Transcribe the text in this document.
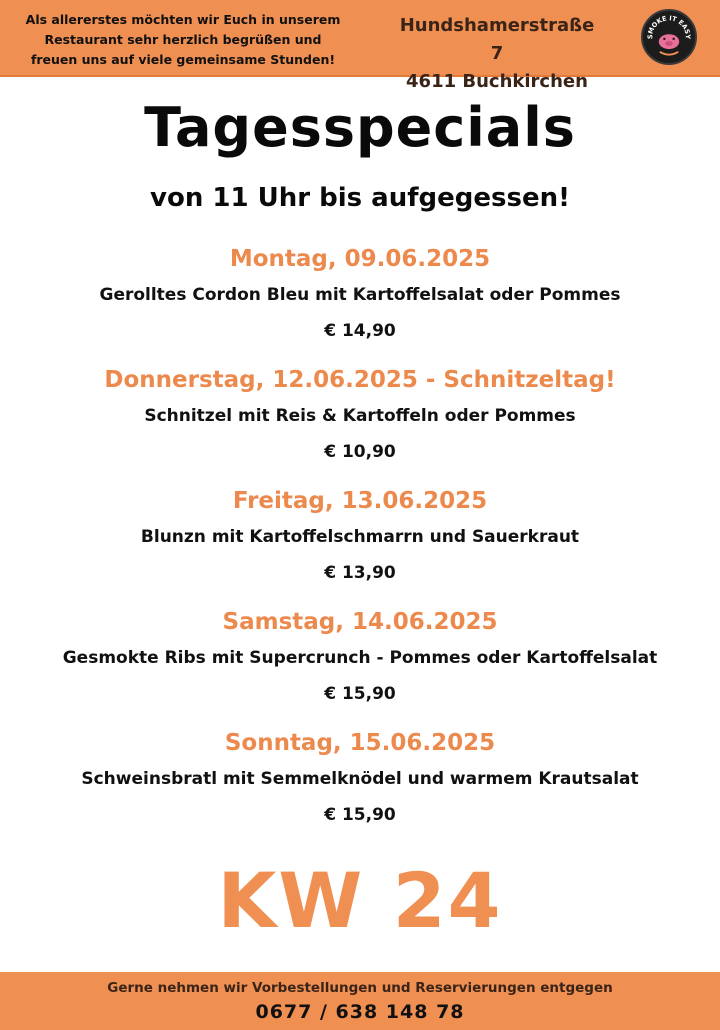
Als allererstes möchten wir Euch in unserem
Restaurant sehr herzlich begrüßen und
freuen uns auf viele gemeinsame Stunden!
Hundshamerstraße 7
4611 Buchkirchen
SMOKE IT EASY
Tagesspecials
von 11 Uhr bis aufgegessen!
Montag, 09.06.2025
Gerolltes Cordon Bleu mit Kartoffelsalat oder Pommes
€ 14,90
Donnerstag, 12.06.2025 - Schnitzeltag!
Schnitzel mit Reis & Kartoffeln oder Pommes
€ 10,90
Freitag, 13.06.2025
Blunzn mit Kartoffelschmarrn und Sauerkraut
€ 13,90
Samstag, 14.06.2025
Gesmokte Ribs mit Supercrunch - Pommes oder Kartoffelsalat
€ 15,90
Sonntag, 15.06.2025
Schweinsbratl mit Semmelknödel und warmem Krautsalat
€ 15,90
KW 24
Gerne nehmen wir Vorbestellungen und Reservierungen entgegen
0677 / 638 148 78
